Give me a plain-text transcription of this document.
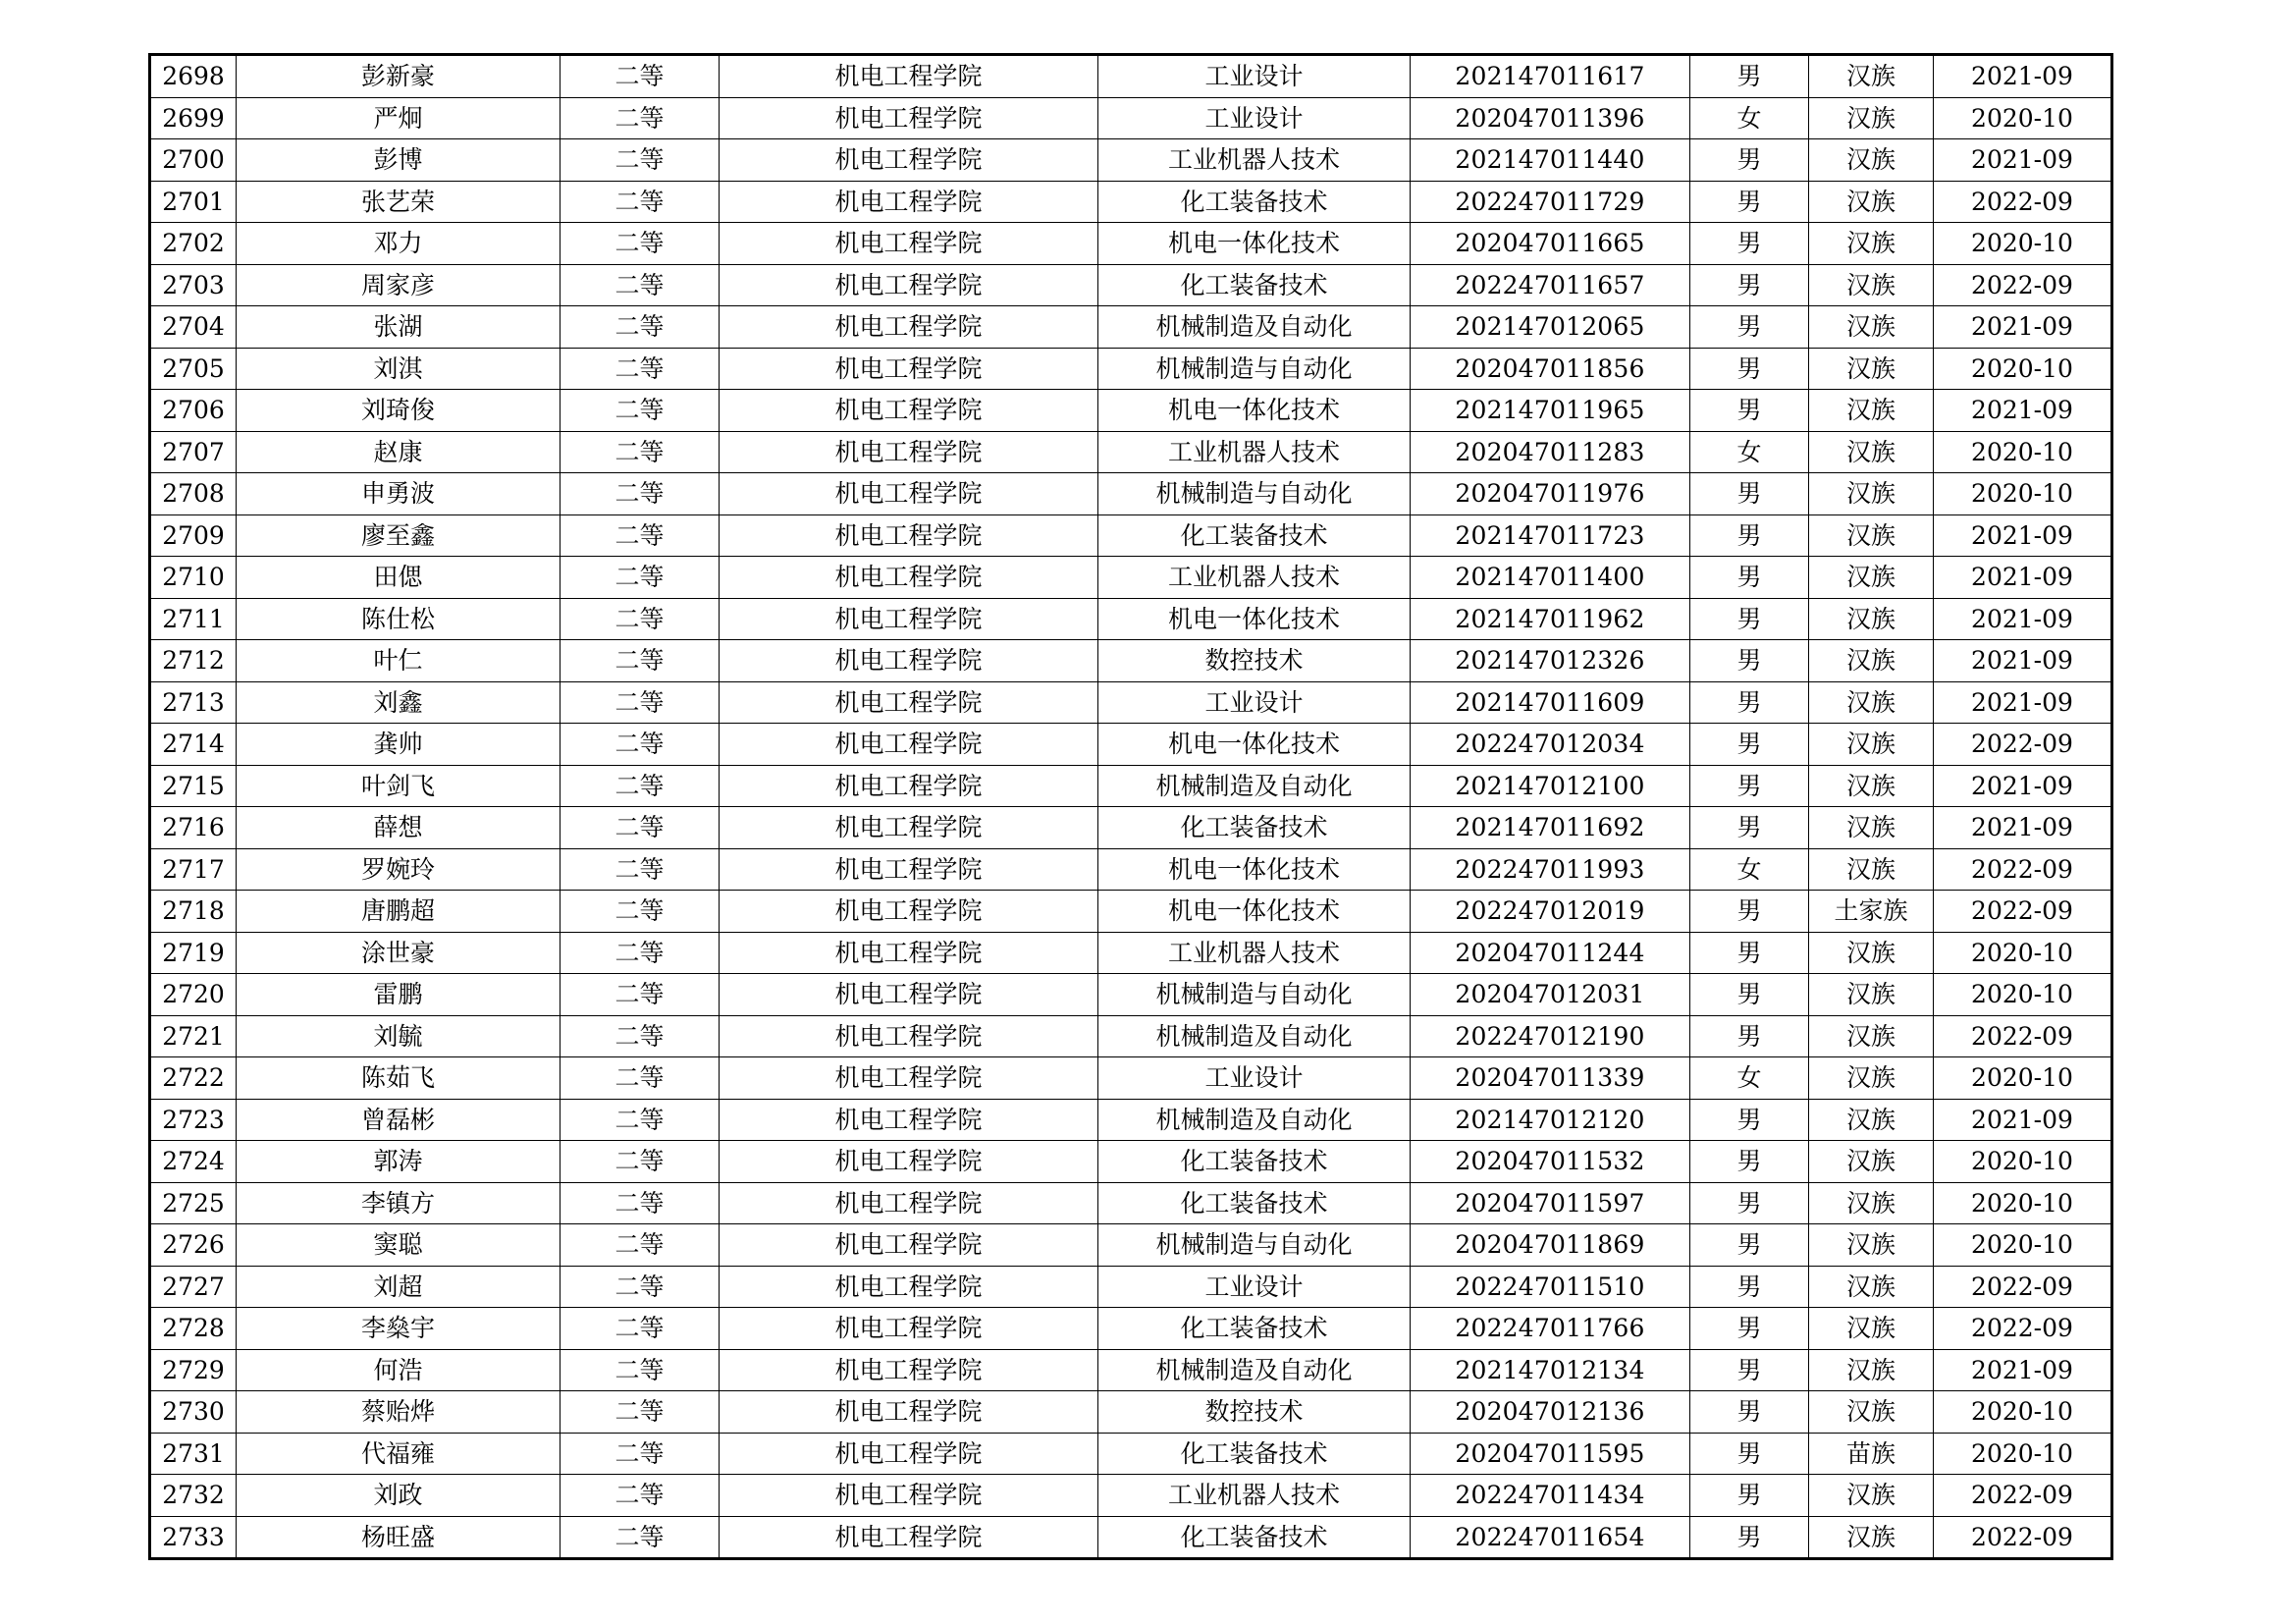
2698	彭新豪	二等	机电工程学院	工业设计	202147011617	男	汉族	2021-09
2699	严炯	二等	机电工程学院	工业设计	202047011396	女	汉族	2020-10
2700	彭博	二等	机电工程学院	工业机器人技术	202147011440	男	汉族	2021-09
2701	张艺荣	二等	机电工程学院	化工装备技术	202247011729	男	汉族	2022-09
2702	邓力	二等	机电工程学院	机电一体化技术	202047011665	男	汉族	2020-10
2703	周家彦	二等	机电工程学院	化工装备技术	202247011657	男	汉族	2022-09
2704	张湖	二等	机电工程学院	机械制造及自动化	202147012065	男	汉族	2021-09
2705	刘淇	二等	机电工程学院	机械制造与自动化	202047011856	男	汉族	2020-10
2706	刘琦俊	二等	机电工程学院	机电一体化技术	202147011965	男	汉族	2021-09
2707	赵康	二等	机电工程学院	工业机器人技术	202047011283	女	汉族	2020-10
2708	申勇波	二等	机电工程学院	机械制造与自动化	202047011976	男	汉族	2020-10
2709	廖至鑫	二等	机电工程学院	化工装备技术	202147011723	男	汉族	2021-09
2710	田偲	二等	机电工程学院	工业机器人技术	202147011400	男	汉族	2021-09
2711	陈仕松	二等	机电工程学院	机电一体化技术	202147011962	男	汉族	2021-09
2712	叶仁	二等	机电工程学院	数控技术	202147012326	男	汉族	2021-09
2713	刘鑫	二等	机电工程学院	工业设计	202147011609	男	汉族	2021-09
2714	龚帅	二等	机电工程学院	机电一体化技术	202247012034	男	汉族	2022-09
2715	叶剑飞	二等	机电工程学院	机械制造及自动化	202147012100	男	汉族	2021-09
2716	薛想	二等	机电工程学院	化工装备技术	202147011692	男	汉族	2021-09
2717	罗婉玲	二等	机电工程学院	机电一体化技术	202247011993	女	汉族	2022-09
2718	唐鹏超	二等	机电工程学院	机电一体化技术	202247012019	男	土家族	2022-09
2719	涂世豪	二等	机电工程学院	工业机器人技术	202047011244	男	汉族	2020-10
2720	雷鹏	二等	机电工程学院	机械制造与自动化	202047012031	男	汉族	2020-10
2721	刘毓	二等	机电工程学院	机械制造及自动化	202247012190	男	汉族	2022-09
2722	陈茹飞	二等	机电工程学院	工业设计	202047011339	女	汉族	2020-10
2723	曾磊彬	二等	机电工程学院	机械制造及自动化	202147012120	男	汉族	2021-09
2724	郭涛	二等	机电工程学院	化工装备技术	202047011532	男	汉族	2020-10
2725	李镇方	二等	机电工程学院	化工装备技术	202047011597	男	汉族	2020-10
2726	窦聪	二等	机电工程学院	机械制造与自动化	202047011869	男	汉族	2020-10
2727	刘超	二等	机电工程学院	工业设计	202247011510	男	汉族	2022-09
2728	李燊宇	二等	机电工程学院	化工装备技术	202247011766	男	汉族	2022-09
2729	何浩	二等	机电工程学院	机械制造及自动化	202147012134	男	汉族	2021-09
2730	蔡贻烨	二等	机电工程学院	数控技术	202047012136	男	汉族	2020-10
2731	代福雍	二等	机电工程学院	化工装备技术	202047011595	男	苗族	2020-10
2732	刘政	二等	机电工程学院	工业机器人技术	202247011434	男	汉族	2022-09
2733	杨旺盛	二等	机电工程学院	化工装备技术	202247011654	男	汉族	2022-09
